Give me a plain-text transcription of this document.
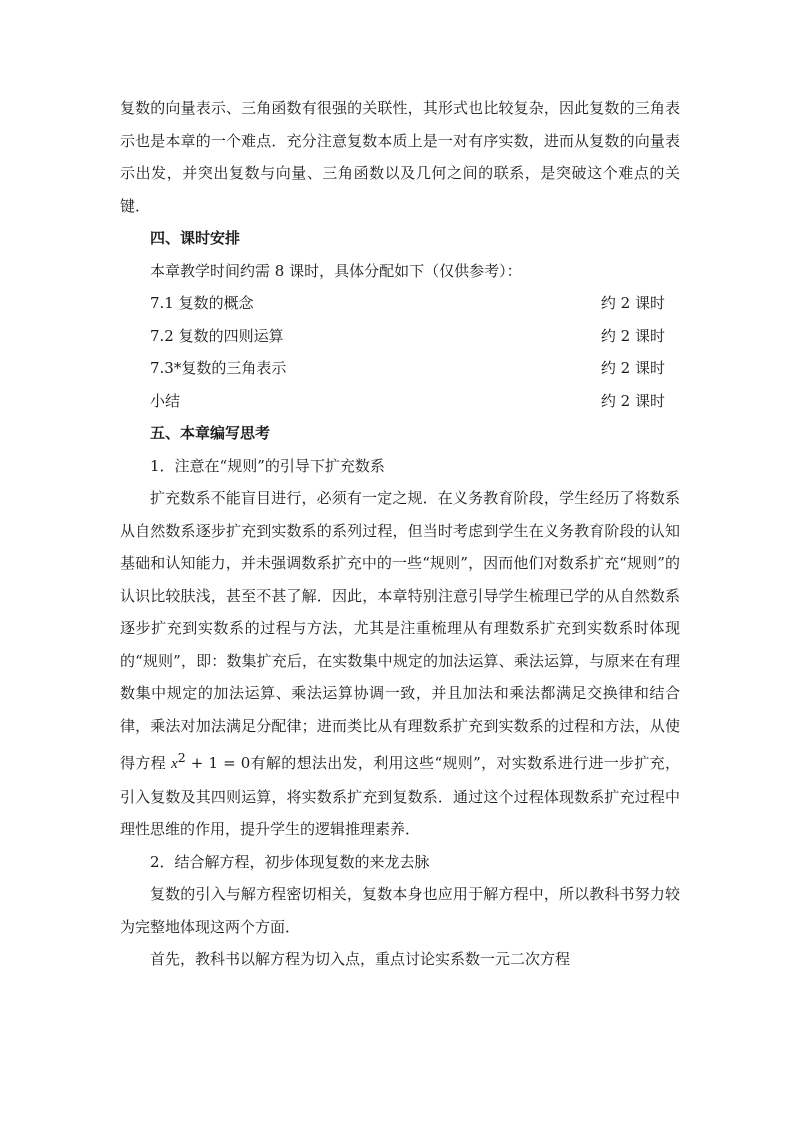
复数的向量表示、三角函数有很强的关联性，其形式也比较复杂，因此复数的三角表示也是本章的一个难点．充分注意复数本质上是一对有序实数，进而从复数的向量表示出发，并突出复数与向量、三角函数以及几何之间的联系，是突破这个难点的关键．

四、课时安排

本章教学时间约需 8 课时，具体分配如下（仅供参考）：

7.1 复数的概念	约 2 课时
7.2 复数的四则运算	约 2 课时
7.3*复数的三角表示	约 2 课时
小结	约 2 课时

五、本章编写思考

1．注意在“规则”的引导下扩充数系

扩充数系不能盲目进行，必须有一定之规．在义务教育阶段，学生经历了将数系从自然数系逐步扩充到实数系的系列过程，但当时考虑到学生在义务教育阶段的认知基础和认知能力，并未强调数系扩充中的一些“规则”，因而他们对数系扩充“规则”的认识比较肤浅，甚至不甚了解．因此，本章特别注意引导学生梳理已学的从自然数系逐步扩充到实数系的过程与方法，尤其是注重梳理从有理数系扩充到实数系时体现的“规则”，即：数集扩充后，在实数集中规定的加法运算、乘法运算，与原来在有理数集中规定的加法运算、乘法运算协调一致，并且加法和乘法都满足交换律和结合律，乘法对加法满足分配律；进而类比从有理数系扩充到实数系的过程和方法，从使得方程 $x^2 + 1 = 0$有解的想法出发，利用这些“规则”，对实数系进行进一步扩充，引入复数及其四则运算，将实数系扩充到复数系．通过这个过程体现数系扩充过程中理性思维的作用，提升学生的逻辑推理素养．

2．结合解方程，初步体现复数的来龙去脉

复数的引入与解方程密切相关，复数本身也应用于解方程中，所以教科书努力较为完整地体现这两个方面．

首先，教科书以解方程为切入点，重点讨论实系数一元二次方程
